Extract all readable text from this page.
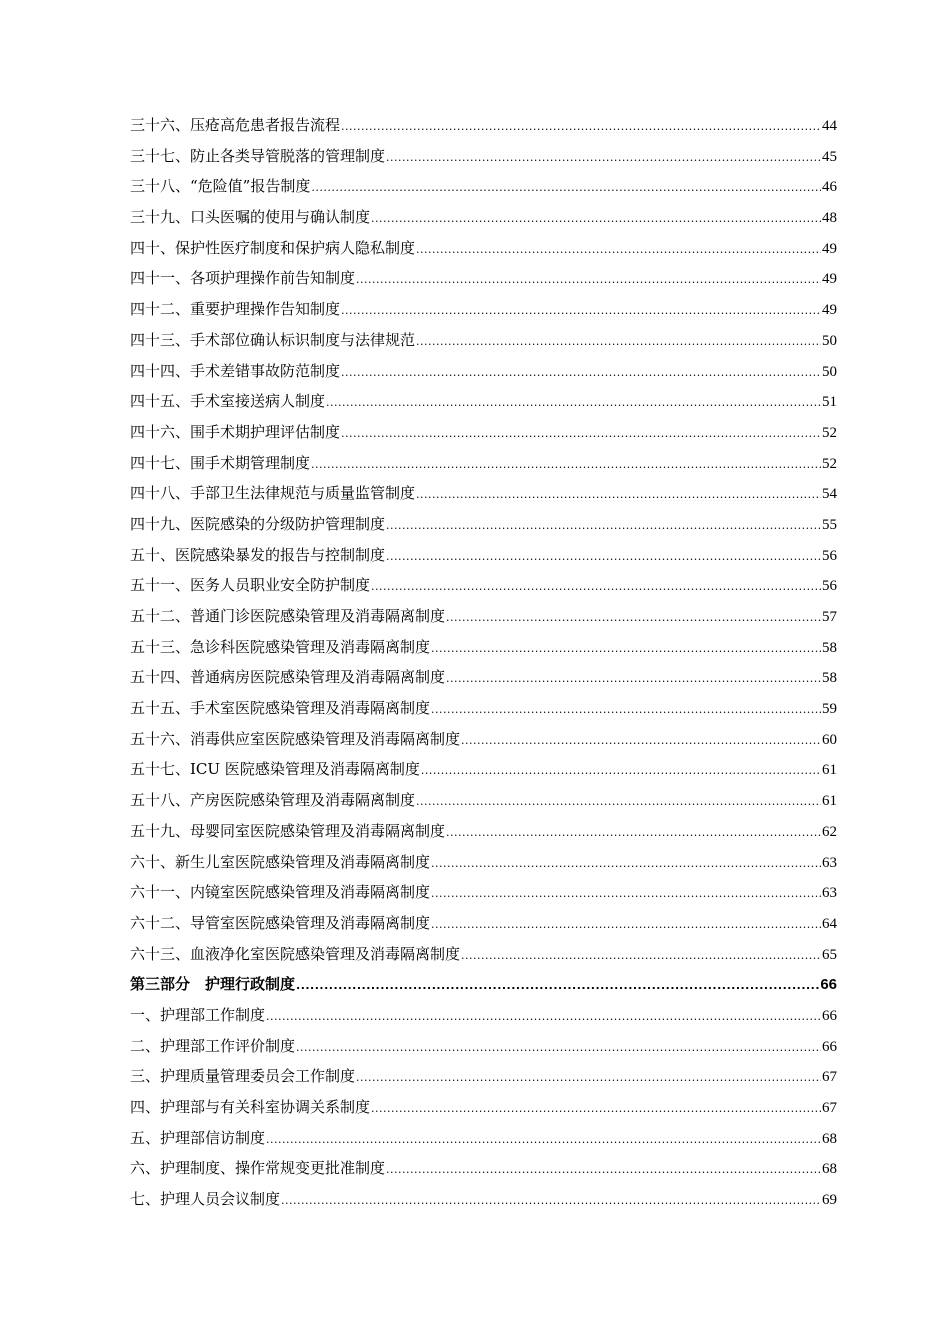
三十六、压疮高危患者报告流程 .....	44
三十七、防止各类导管脱落的管理制度 .....	45
三十八、“危险值”报告制度 .....	46
三十九、口头医嘱的使用与确认制度 .....	48
四十、保护性医疗制度和保护病人隐私制度 .....	49
四十一、各项护理操作前告知制度 .....	49
四十二、重要护理操作告知制度 .....	49
四十三、手术部位确认标识制度与法律规范 .....	50
四十四、手术差错事故防范制度 .....	50
四十五、手术室接送病人制度 .....	51
四十六、围手术期护理评估制度 .....	52
四十七、围手术期管理制度 .....	52
四十八、手部卫生法律规范与质量监管制度 .....	54
四十九、医院感染的分级防护管理制度 .....	55
五十、医院感染暴发的报告与控制制度 .....	56
五十一、医务人员职业安全防护制度 .....	56
五十二、普通门诊医院感染管理及消毒隔离制度 .....	57
五十三、急诊科医院感染管理及消毒隔离制度 .....	58
五十四、普通病房医院感染管理及消毒隔离制度 .....	58
五十五、手术室医院感染管理及消毒隔离制度 .....	59
五十六、消毒供应室医院感染管理及消毒隔离制度 .....	60
五十七、ICU 医院感染管理及消毒隔离制度 .....	61
五十八、产房医院感染管理及消毒隔离制度 .....	61
五十九、母婴同室医院感染管理及消毒隔离制度 .....	62
六十、新生儿室医院感染管理及消毒隔离制度 .....	63
六十一、内镜室医院感染管理及消毒隔离制度 .....	63
六十二、导管室医院感染管理及消毒隔离制度 .....	64
六十三、血液净化室医院感染管理及消毒隔离制度 .....	65
第三部分　护理行政制度 .....	66
一、护理部工作制度 .....	66
二、护理部工作评价制度 .....	66
三、护理质量管理委员会工作制度 .....	67
四、护理部与有关科室协调关系制度 .....	67
五、护理部信访制度 .....	68
六、护理制度、操作常规变更批准制度 .....	68
七、护理人员会议制度 .....	69
